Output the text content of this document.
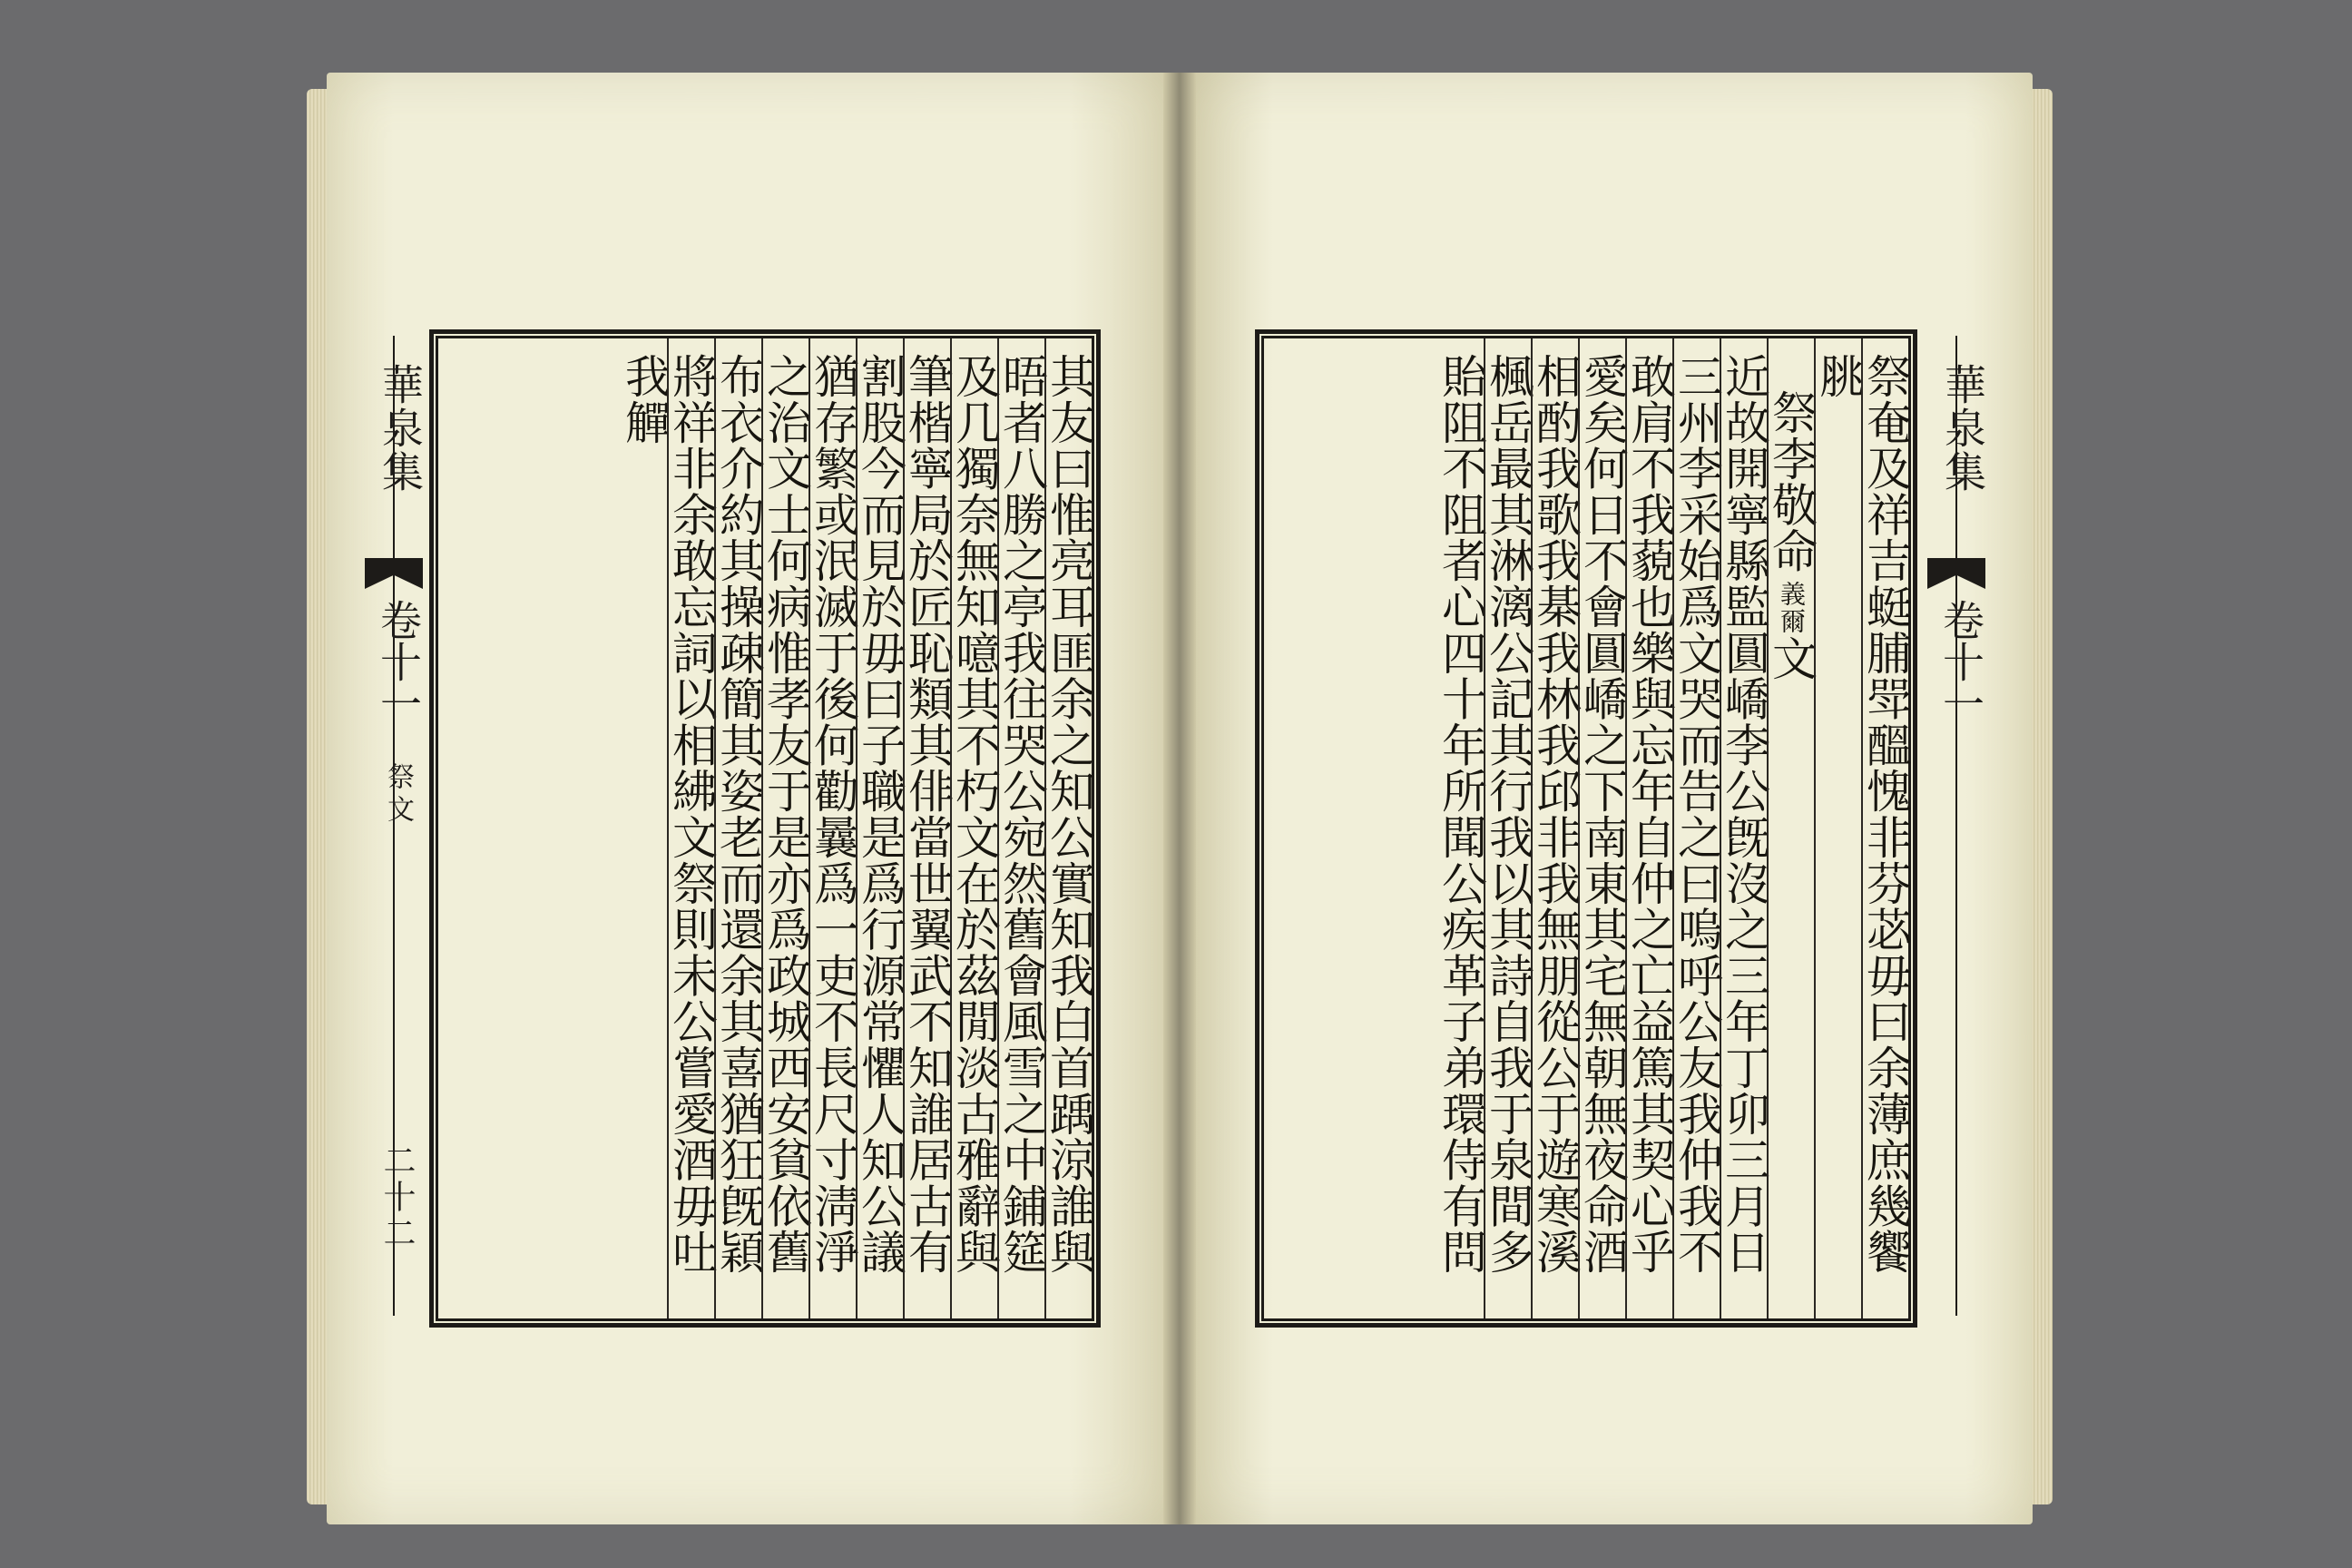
華泉集
卷十一
祭文
二十二	其友曰惟亮耳匪余之知公實知我白首踽涼誰與
晤者八勝之亭我往哭公宛然舊會風雪之中鋪筵
及几獨奈無知噫其不朽文在於茲閒淡古雅辭與
筆楷寧局於匠恥類其俳當世翼武不知誰居古有
割股今而見於毋曰子職是爲行源常懼人知公議
猶存繁或泯滅于後何勸曩爲一吏不長尺寸淸淨
之治文士何病惟孝友于是亦爲政城西安貧依舊
布衣介約其操疎簡其姿老而還余其喜猶狂旣穎
將祥非余敢忘詞以相紼文祭則未公嘗愛酒毋吐
我觶	祭奄及祥吉蜓脯斝醞愧非芬苾毋曰余薄庶幾饗
脁
祭李敬命
義爾
文
近故開寧縣監圓嶠李公旣沒之三年丁卯三月日
三州李采始爲文哭而告之曰嗚呼公友我仲我不
敢肩不我藐也樂與忘年自仲之亡益篤其契心乎
愛矣何日不會圓嶠之下南東其宅無朝無夜命酒
相酌我歌我棊我林我邱非我無朋從公于遊寒溪
楓岳最其淋漓公記其行我以其詩自我于泉間多
貽阻不阻者心四十年所聞公疾革子弟環侍有問	華泉集
卷十一
